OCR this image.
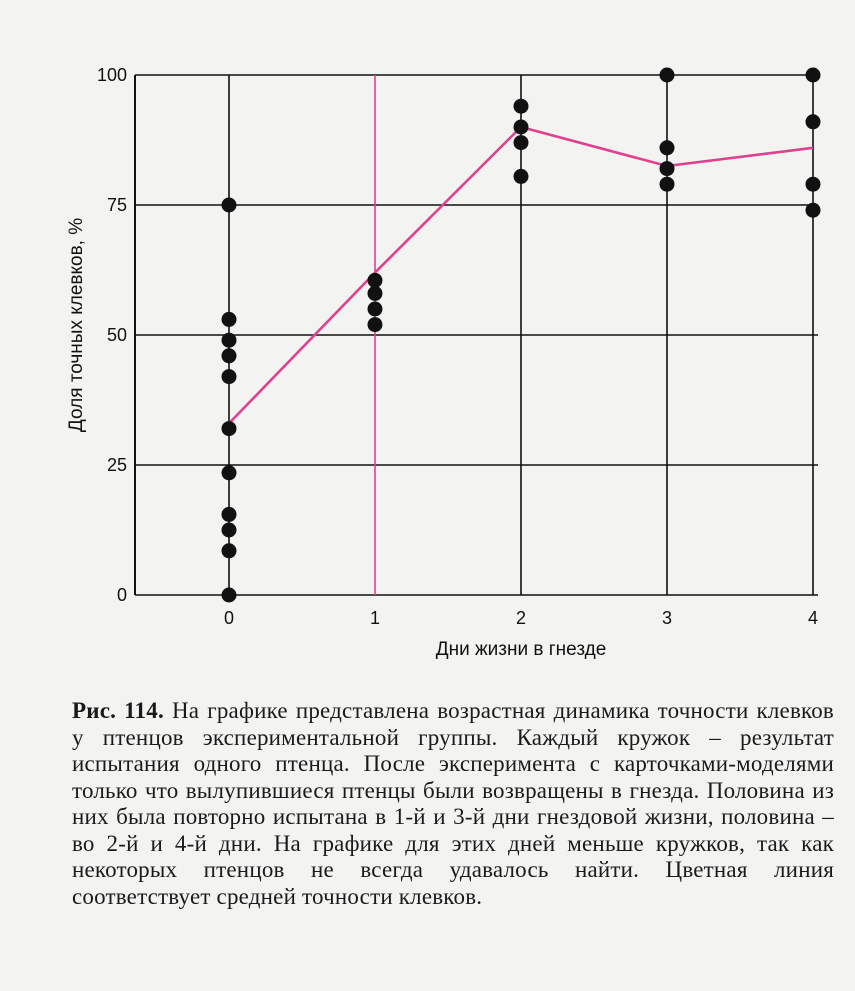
0
25
50
75
100
0	1	2	3	4
Дни жизни в гнезде
Доля точных клевков, %
Рис. 114. На графике представлена возрастная динамика точности клевков у птенцов экспериментальной группы. Каждый кружок – результат испытания одного птенца. После эксперимента с карточками-моделями только что вылупившиеся птенцы были возвращены в гнезда. Половина из них была повторно испытана в 1-й и 3-й дни гнездовой жизни, половина – во 2-й и 4-й дни. На графике для этих дней меньше кружков, так как некоторых птенцов не всегда удавалось найти. Цветная линия соответствует средней точности клевков.
